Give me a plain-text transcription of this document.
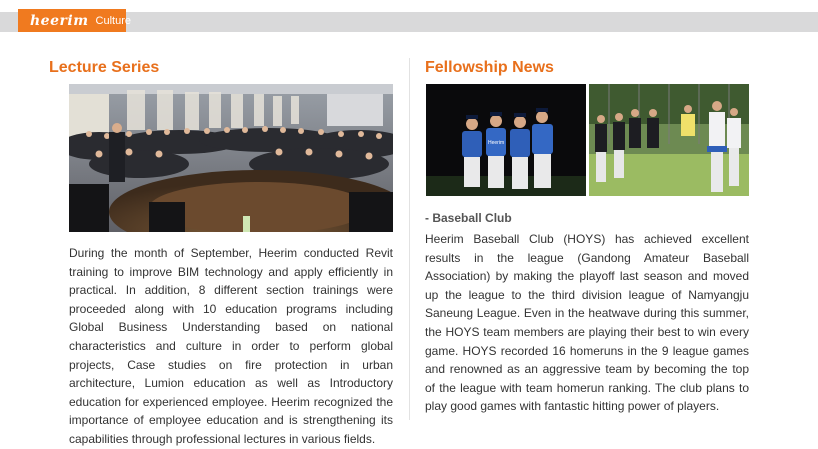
heerim Culture
Lecture Series

During the month of September, Heerim conducted Revit training to improve BIM technology and apply efficiently in practical. In addition, 8 different section trainings were proceeded along with 10 education programs including Global Business Understanding based on national characteristics and culture in order to perform global projects, Case studies on fire protection in urban architecture, Lumion education as well as Introductory education for experienced employee. Heerim recognized the importance of employee education and is strengthening its capabilities through professional lectures in various fields.

Fellowship News
Heerim
- Baseball Club

Heerim Baseball Club (HOYS) has achieved excellent results in the league (Gandong Amateur Baseball Association) by making the playoff last season and moved up the league to the third division league of Namyangju Saneung League. Even in the heatwave during this summer, the HOYS team members are playing their best to win every game. HOYS recorded 16 homeruns in the 9 league games and renowned as an aggressive team by becoming the top of the league with team homerun ranking. The club plans to play good games with fantastic hitting power of players.
